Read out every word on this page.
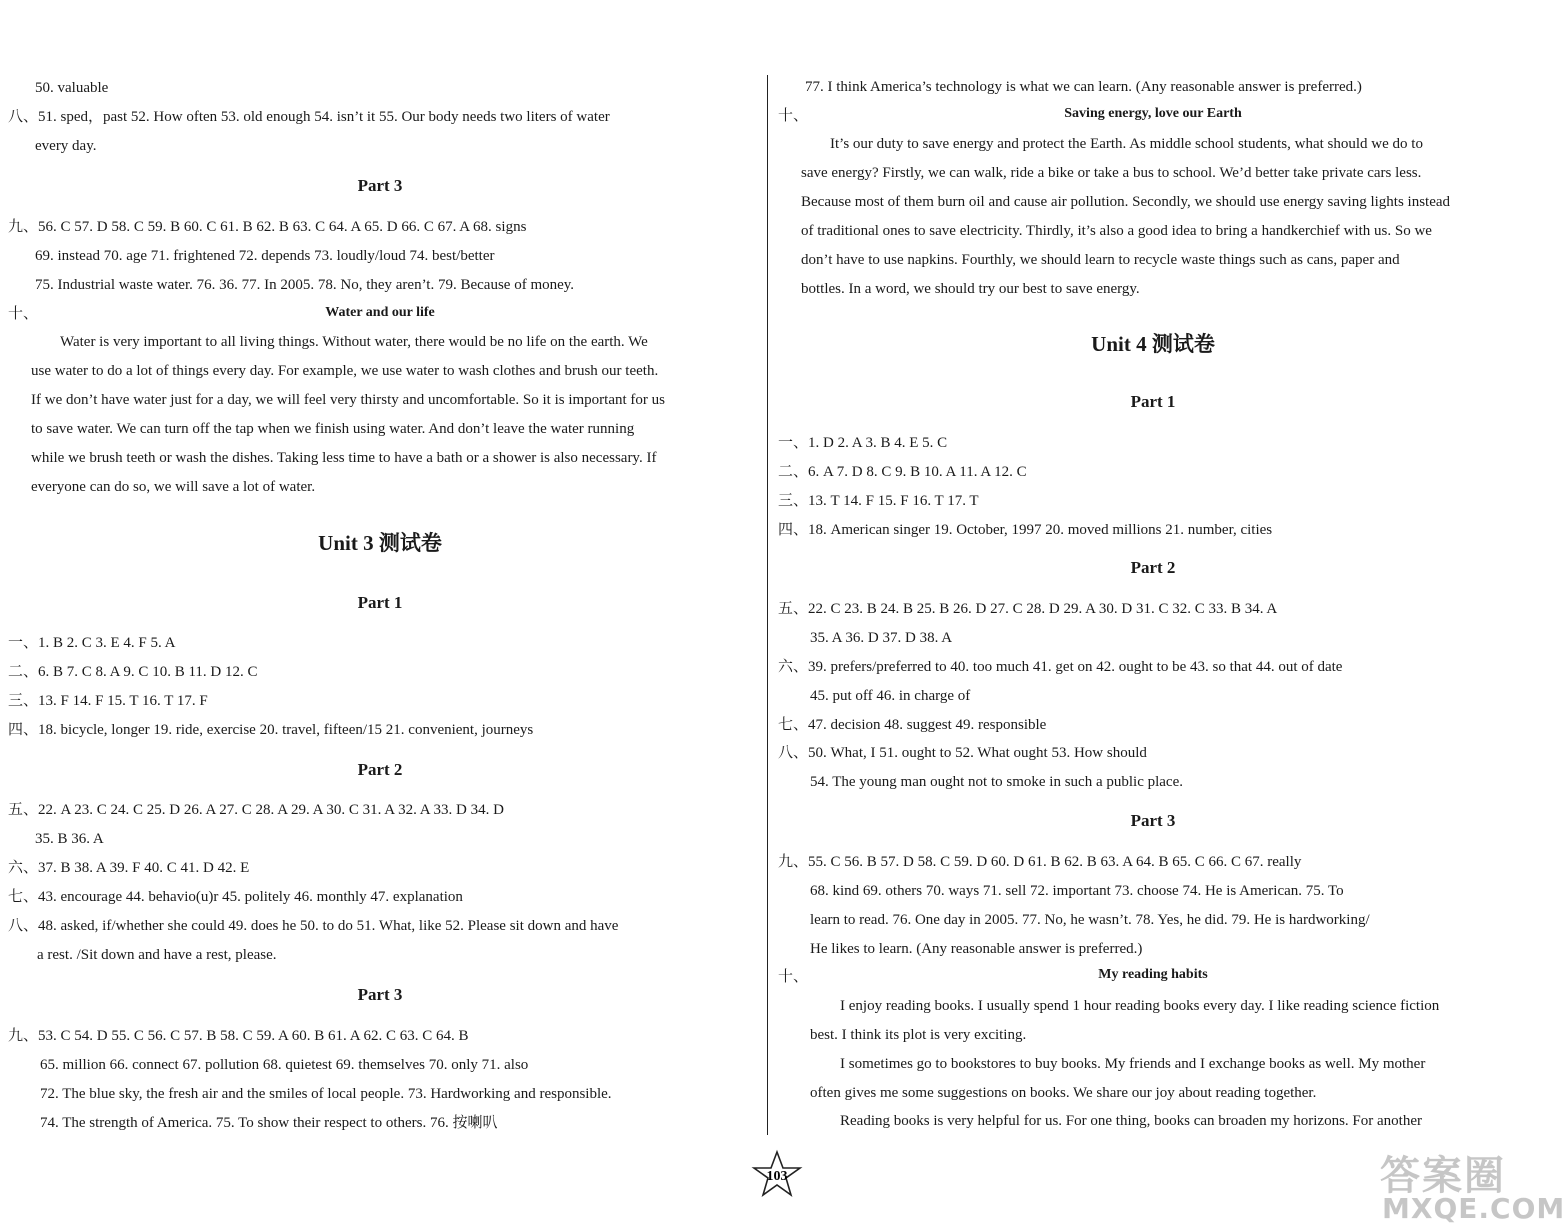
50. valuable
八、51. sped，past 52. How often 53. old enough 54. isn’t it 55. Our body needs two liters of water
every day.
九、56. C 57. D 58. C 59. B 60. C 61. B 62. B 63. C 64. A 65. D 66. C 67. A 68. signs
69. instead 70. age 71. frightened 72. depends 73. loudly/loud 74. best/better
75. Industrial waste water. 76. 36. 77. In 2005. 78. No, they aren’t. 79. Because of money.
十、
Water is very important to all living things. Without water, there would be no life on the earth. We
use water to do a lot of things every day. For example, we use water to wash clothes and brush our teeth.
If we don’t have water just for a day, we will feel very thirsty and uncomfortable. So it is important for us
to save water. We can turn off the tap when we finish using water. And don’t leave the water running
while we brush teeth or wash the dishes. Taking less time to have a bath or a shower is also necessary. If
everyone can do so, we will save a lot of water.
一、1. B 2. C 3. E 4. F 5. A
二、6. B 7. C 8. A 9. C 10. B 11. D 12. C
三、13. F 14. F 15. T 16. T 17. F
四、18. bicycle, longer 19. ride, exercise 20. travel, fifteen/15 21. convenient, journeys
五、22. A 23. C 24. C 25. D 26. A 27. C 28. A 29. A 30. C 31. A 32. A 33. D 34. D
35. B 36. A
六、37. B 38. A 39. F 40. C 41. D 42. E
七、43. encourage 44. behavio(u)r 45. politely 46. monthly 47. explanation
八、48. asked, if/whether she could 49. does he 50. to do 51. What, like 52. Please sit down and have
a rest. /Sit down and have a rest, please.
九、53. C 54. D 55. C 56. C 57. B 58. C 59. A 60. B 61. A 62. C 63. C 64. B
65. million 66. connect 67. pollution 68. quietest 69. themselves 70. only 71. also
72. The blue sky, the fresh air and the smiles of local people. 73. Hardworking and responsible.
74. The strength of America. 75. To show their respect to others. 76. 按喇叭
Part 3
Part 1
Part 2
Part 3
Water and our life
Unit 3 测试卷
77. I think America’s technology is what we can learn. (Any reasonable answer is preferred.)
十、
It’s our duty to save energy and protect the Earth. As middle school students, what should we do to
save energy? Firstly, we can walk, ride a bike or take a bus to school. We’d better take private cars less.
Because most of them burn oil and cause air pollution. Secondly, we should use energy saving lights instead
of traditional ones to save electricity. Thirdly, it’s also a good idea to bring a handkerchief with us. So we
don’t have to use napkins. Fourthly, we should learn to recycle waste things such as cans, paper and
bottles. In a word, we should try our best to save energy.
一、1. D 2. A 3. B 4. E 5. C
二、6. A 7. D 8. C 9. B 10. A 11. A 12. C
三、13. T 14. F 15. F 16. T 17. T
四、18. American singer 19. October, 1997 20. moved millions 21. number, cities
五、22. C 23. B 24. B 25. B 26. D 27. C 28. D 29. A 30. D 31. C 32. C 33. B 34. A
35. A 36. D 37. D 38. A
六、39. prefers/preferred to 40. too much 41. get on 42. ought to be 43. so that 44. out of date
45. put off 46. in charge of
七、47. decision 48. suggest 49. responsible
八、50. What, I 51. ought to 52. What ought 53. How should
54. The young man ought not to smoke in such a public place.
九、55. C 56. B 57. D 58. C 59. D 60. D 61. B 62. B 63. A 64. B 65. C 66. C 67. really
68. kind 69. others 70. ways 71. sell 72. important 73. choose 74. He is American. 75. To
learn to read. 76. One day in 2005. 77. No, he wasn’t. 78. Yes, he did. 79. He is hardworking/
He likes to learn. (Any reasonable answer is preferred.)
十、
I enjoy reading books. I usually spend 1 hour reading books every day. I like reading science fiction
best. I think its plot is very exciting.
I sometimes go to bookstores to buy books. My friends and I exchange books as well. My mother
often gives me some suggestions on books. We share our joy about reading together.
Reading books is very helpful for us. For one thing, books can broaden my horizons. For another
Part 1
Part 2
Part 3
Saving energy, love our Earth
My reading habits
Unit 4 测试卷
103	答案圈
MXQE.COM
